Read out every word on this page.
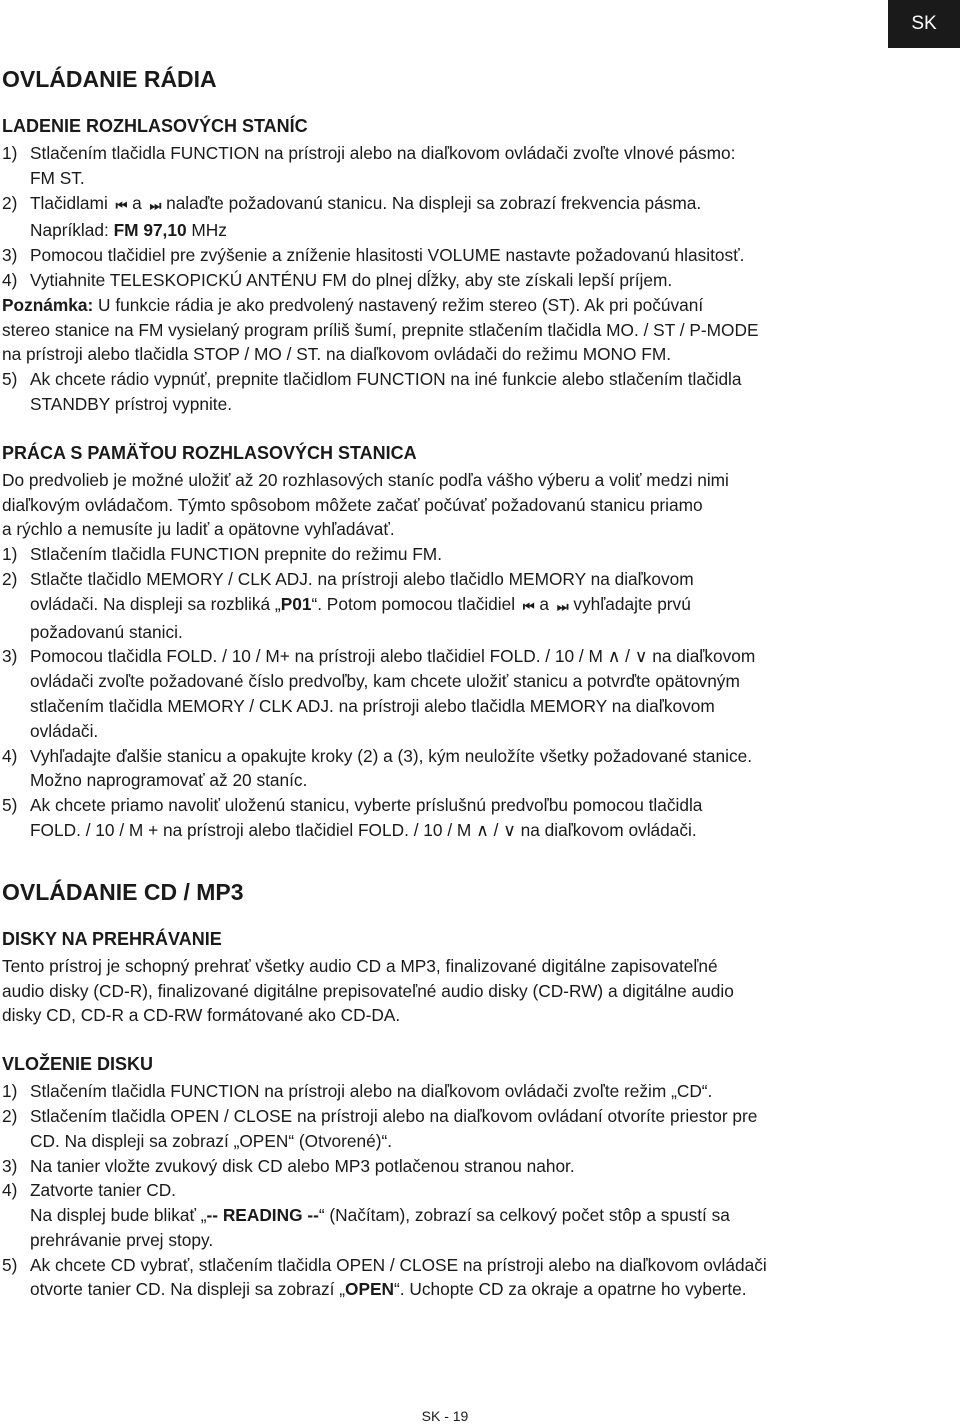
SK
OVLÁDANIE RÁDIA
LADENIE ROZHLASOVÝCH STANÍC
1) Stlačením tlačidla FUNCTION na prístroji alebo na diaľkovom ovládači zvoľte vlnové pásmo:
FM ST.
2) Tlačidlami ⏮ a ⏭ nalaďte požadovanú stanicu. Na displeji sa zobrazí frekvencia pásma.
Napríklad: FM 97,10 MHz
3) Pomocou tlačidiel pre zvýšenie a zníženie hlasitosti VOLUME nastavte požadovanú hlasitosť.
4) Vytiahnite TELESKOPICKÚ ANTÉNU FM do plnej dĺžky, aby ste získali lepší príjem.
Poznámka: U funkcie rádia je ako predvolený nastavený režim stereo (ST). Ak pri počúvaní
stereo stanice na FM vysielaný program príliš šumí, prepnite stlačením tlačidla MO. / ST / P-MODE
na prístroji alebo tlačidla STOP / MO / ST. na diaľkovom ovládači do režimu MONO FM.
5) Ak chcete rádio vypnúť, prepnite tlačidlom FUNCTION na iné funkcie alebo stlačením tlačidla
STANDBY prístroj vypnite.
PRÁCA S PAMÄŤOU ROZHLASOVÝCH STANICA
Do predvolieb je možné uložiť až 20 rozhlasových staníc podľa vášho výberu a voliť medzi nimi
diaľkovým ovládačom. Týmto spôsobom môžete začať počúvať požadovanú stanicu priamo
a rýchlo a nemusíte ju ladiť a opätovne vyhľadávať.
1) Stlačením tlačidla FUNCTION prepnite do režimu FM.
2) Stlačte tlačidlo MEMORY / CLK ADJ. na prístroji alebo tlačidlo MEMORY na diaľkovom
ovládači. Na displeji sa rozbliká „P01“. Potom pomocou tlačidiel ⏮ a ⏭ vyhľadajte prvú
požadovanú stanici.
3) Pomocou tlačidla FOLD. / 10 / M+ na prístroji alebo tlačidiel FOLD. / 10 / M ∧ / ∨ na diaľkovom
ovládači zvoľte požadované číslo predvoľby, kam chcete uložiť stanicu a potvrďte opätovným
stlačením tlačidla MEMORY / CLK ADJ. na prístroji alebo tlačidla MEMORY na diaľkovom
ovládači.
4) Vyhľadajte ďalšie stanicu a opakujte kroky (2) a (3), kým neuložíte všetky požadované stanice.
Možno naprogramovať až 20 staníc.
5) Ak chcete priamo navoliť uloženú stanicu, vyberte príslušnú predvoľbu pomocou tlačidla
FOLD. / 10 / M + na prístroji alebo tlačidiel FOLD. / 10 / M ∧ / ∨ na diaľkovom ovládači.
OVLÁDANIE CD / MP3
DISKY NA PREHRÁVANIE
Tento prístroj je schopný prehrať všetky audio CD a MP3, finalizované digitálne zapisovateľné
audio disky (CD-R), finalizované digitálne prepisovateľné audio disky (CD-RW) a digitálne audio
disky CD, CD-R a CD-RW formátované ako CD-DA.
VLOŽENIE DISKU
1) Stlačením tlačidla FUNCTION na prístroji alebo na diaľkovom ovládači zvoľte režim „CD“.
2) Stlačením tlačidla OPEN / CLOSE na prístroji alebo na diaľkovom ovládaní otvoríte priestor pre
CD. Na displeji sa zobrazí „OPEN“ (Otvorené)“.
3) Na tanier vložte zvukový disk CD alebo MP3 potlačenou stranou nahor.
4) Zatvorte tanier CD.
Na displej bude blikať „-- READING --“ (Načítam), zobrazí sa celkový počet stôp a spustí sa
prehrávanie prvej stopy.
5) Ak chcete CD vybrať, stlačením tlačidla OPEN / CLOSE na prístroji alebo na diaľkovom ovládači
otvorte tanier CD. Na displeji sa zobrazí „OPEN“. Uchopte CD za okraje a opatrne ho vyberte.
SK - 19
